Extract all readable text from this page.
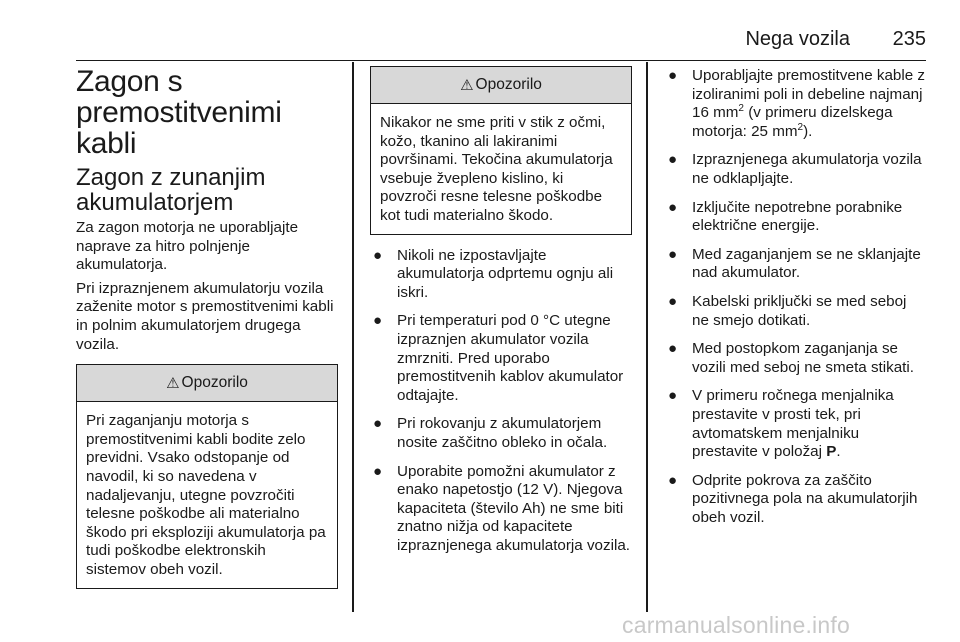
Nega vozila 235
Zagon s premostitvenimi kabli
Zagon z zunanjim akumulatorjem

Za zagon motorja ne uporabljajte naprave za hitro polnjenje akumulatorja.

Pri izpraznjenem akumulatorju vozila zaženite motor s premostitvenimi kabli in polnim akumulatorjem drugega vozila.

⚠ Opozorilo
Pri zaganjanju motorja s premostitvenimi kabli bodite zelo previdni. Vsako odstopanje od navodil, ki so navedena v nadaljevanju, utegne povzročiti telesne poškodbe ali materialno škodo pri eksploziji akumulatorja pa tudi poškodbe elektronskih sistemov obeh vozil.
⚠ Opozorilo
Nikakor ne sme priti v stik z očmi, kožo, tkanino ali lakiranimi površinami. Tekočina akumulatorja vsebuje žvepleno kislino, ki povzroči resne telesne poškodbe kot tudi materialno škodo.
● Nikoli ne izpostavljajte akumulatorja odprtemu ognju ali iskri.
● Pri temperaturi pod 0 °C utegne izpraznjen akumulator vozila zmrzniti. Pred uporabo premostitvenih kablov akumulator odtajajte.
● Pri rokovanju z akumulatorjem nosite zaščitno obleko in očala.
● Uporabite pomožni akumulator z enako napetostjo (12 V). Njegova kapaciteta (število Ah) ne sme biti znatno nižja od kapacitete izpraznjenega akumulatorja vozila.
● Uporabljajte premostitvene kable z izoliranimi poli in debeline najmanj 16 $mm^2$ (v primeru dizelskega motorja: 25 $mm^2$).
● Izpraznjenega akumulatorja vozila ne odklapljajte.
● Izključite nepotrebne porabnike električne energije.
● Med zaganjanjem se ne sklanjajte nad akumulator.
● Kabelski priključki se med seboj ne smejo dotikati.
● Med postopkom zaganjanja se vozili med seboj ne smeta stikati.
● V primeru ročnega menjalnika prestavite v prosti tek, pri avtomatskem menjalniku prestavite v položaj P.
● Odprite pokrova za zaščito pozitivnega pola na akumulatorjih obeh vozil.
carmanualsonline.info
